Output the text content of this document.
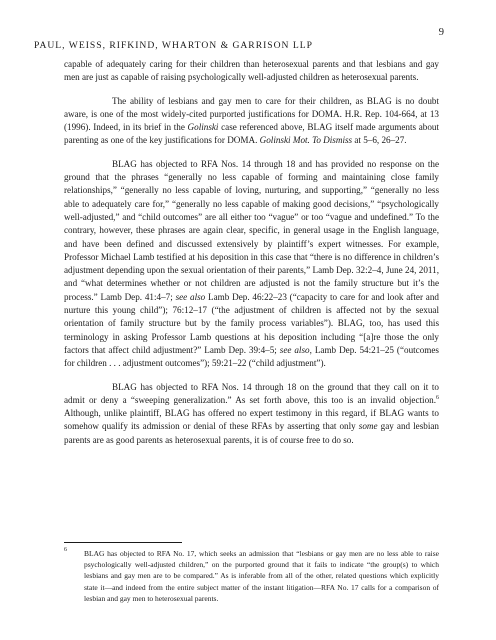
9
PAUL, WEISS, RIFKIND, WHARTON & GARRISON LLP

capable of adequately caring for their children than heterosexual parents and that lesbians and gay men are just as capable of raising psychologically well-adjusted children as heterosexual parents.

The ability of lesbians and gay men to care for their children, as BLAG is no doubt aware, is one of the most widely-cited purported justifications for DOMA. H.R. Rep. 104-664, at 13 (1996). Indeed, in its brief in the Golinski case referenced above, BLAG itself made arguments about parenting as one of the key justifications for DOMA. Golinski Mot. To Dismiss at 5–6, 26–27.

BLAG has objected to RFA Nos. 14 through 18 and has provided no response on the ground that the phrases “generally no less capable of forming and maintaining close family relationships,” “generally no less capable of loving, nurturing, and supporting,” “generally no less able to adequately care for,” “generally no less capable of making good decisions,” “psychologically well-adjusted,” and “child outcomes” are all either too “vague” or too “vague and undefined.” To the contrary, however, these phrases are again clear, specific, in general usage in the English language, and have been defined and discussed extensively by plaintiff’s expert witnesses. For example, Professor Michael Lamb testified at his deposition in this case that “there is no difference in children’s adjustment depending upon the sexual orientation of their parents,” Lamb Dep. 32:2–4, June 24, 2011, and “what determines whether or not children are adjusted is not the family structure but it’s the process.” Lamb Dep. 41:4–7; see also Lamb Dep. 46:22–23 (“capacity to care for and look after and nurture this young child”); 76:12–17 (“the adjustment of children is affected not by the sexual orientation of family structure but by the family process variables”). BLAG, too, has used this terminology in asking Professor Lamb questions at his deposition including “[a]re those the only factors that affect child adjustment?” Lamb Dep. 39:4–5; see also, Lamb Dep. 54:21–25 (“outcomes for children . . . adjustment outcomes”); 59:21–22 (“child adjustment”).

BLAG has objected to RFA Nos. 14 through 18 on the ground that they call on it to admit or deny a “sweeping generalization.” As set forth above, this too is an invalid objection.$^6$ Although, unlike plaintiff, BLAG has offered no expert testimony in this regard, if BLAG wants to somehow qualify its admission or denial of these RFAs by asserting that only some gay and lesbian parents are as good parents as heterosexual parents, it is of course free to do so.

6	BLAG has objected to RFA No. 17, which seeks an admission that “lesbians or gay men are no less able to raise psychologically well-adjusted children,” on the purported ground that it fails to indicate “the group(s) to which lesbians and gay men are to be compared.” As is inferable from all of the other, related questions which explicitly state it—and indeed from the entire subject matter of the instant litigation—RFA No. 17 calls for a comparison of lesbian and gay men to heterosexual parents.
